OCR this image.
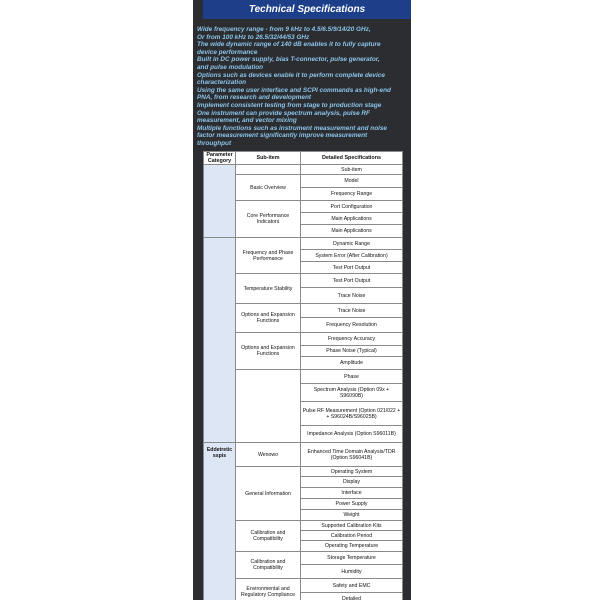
Technical Specifications
Wide frequency range - from 9 kHz to 4.5/6.5/9/14/20 GHz,
Or from 100 kHz to 26.5/32/44/53 GHz
The wide dynamic range of 140 dB enables it to fully capture
device performance
Built in DC power supply, bias T-connector, pulse generator,
and pulse modulation
Options such as devices enable it to perform complete device
characterization
Using the same user interface and SCPI commands as high-end
PNA, from research and development
Implement consistent testing from stage to production stage
One instrument can provide spectrum analysis, pulse RF
measurement, and vector mixing
Multiple functions such as instrument measurement and noise
factor measurement significantly improve measurement
throughput
Parameter Category	Sub-item	Detailed Specifications
		Sub-item
	Basic Overview	Model
		Frequency Range
	Core Performance Indicators	Port Configuration
		Main Applications
		Main Applications
	Frequency and Phase Performance	Dynamic Range
		System Error (After Calibration)
		Test Port Output
	Temperature Stability	Test Port Output
		Trace Noise
	Options and Expansion Functions	Trace Noise
		Frequency Resolution
	Options and Expansion Functions	Frequency Accuracy
		Phase Noise (Typical)
		Amplitude
		Phase
		Spectrum Analysis (Option 09x + S96090B)
		Pulse RF Measurement (Option 021/022 + + S96024B/S96025B)
		Impedance Analysis (Option S96011B)
Eddetretic sspis	Wenowo	Enhanced Time Domain Analysis/TDR (Option S96041B)
	General Information	Operating System
		Display
		Interface
		Power Supply
		Weight
	Calibration and Compatibility	Supported Calibration Kits
		Calibration Period
		Operating Temperature
	Calibration and Compatibility	Storage Temperature
		Humidity
	Environmental and Regulatory Compliance	Safety and EMC
		Detailed
